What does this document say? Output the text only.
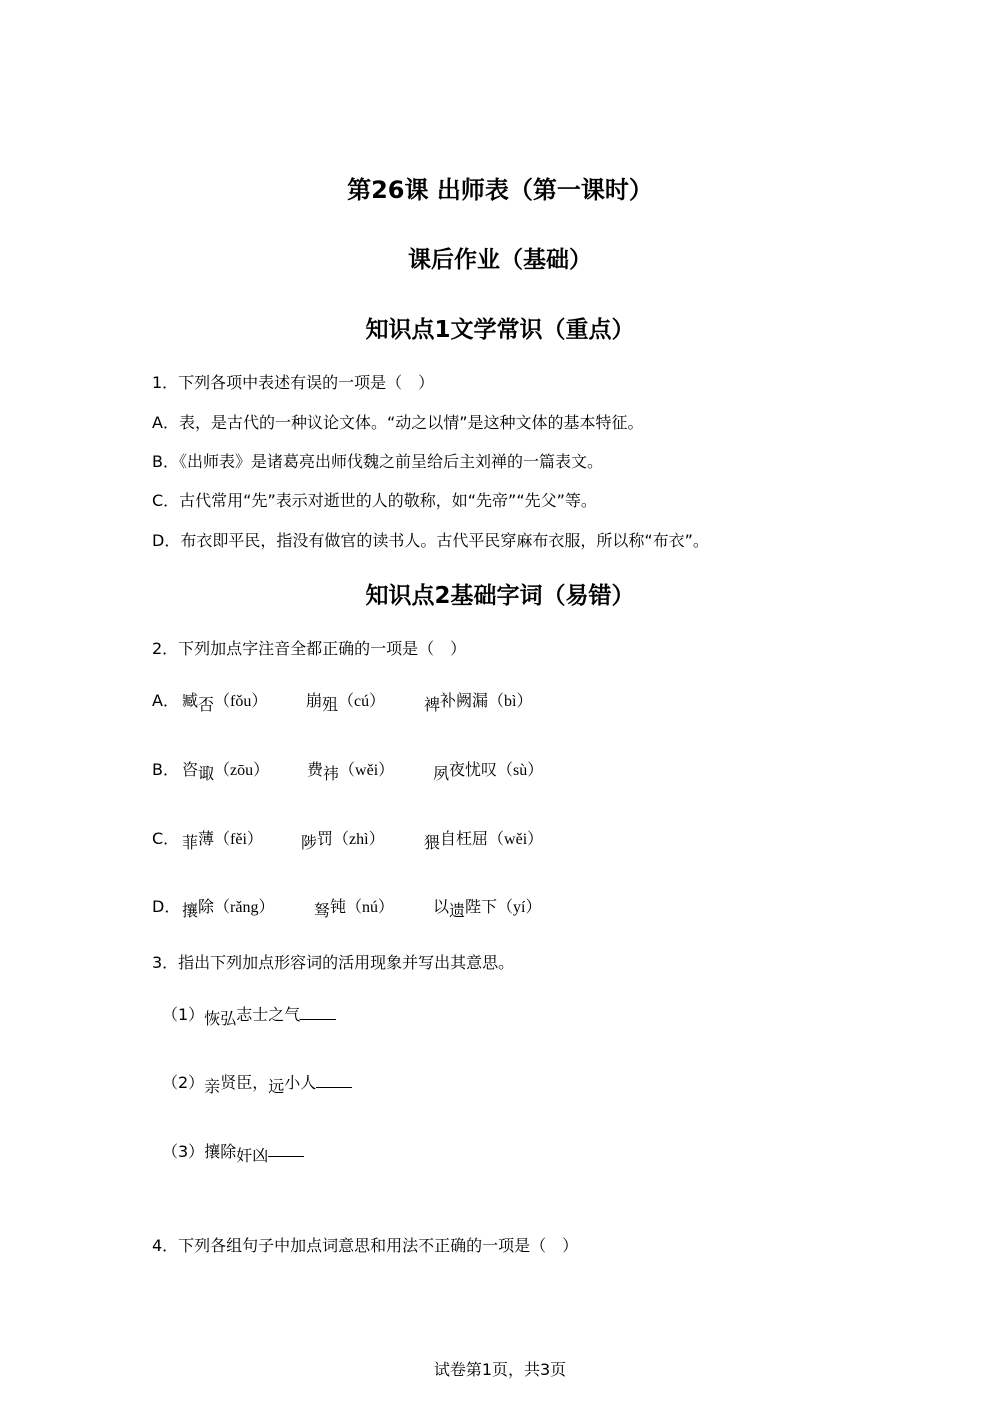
第26课 出师表（第一课时）
课后作业（基础）
知识点1文学常识（重点）
1．下列各项中表述有误的一项是（　）
A．表，是古代的一种议论文体。“动之以情”是这种文体的基本特征。
B．《出师表》是诸葛亮出师伐魏之前呈给后主刘禅的一篇表文。
C．古代常用“先”表示对逝世的人的敬称，如“先帝”“先父”等。
D．布衣即平民，指没有做官的读书人。古代平民穿麻布衣服，所以称“布衣”。
知识点2基础字词（易错）
2．下列加点字注音全都正确的一项是（　）
A． 臧否（fǒu） 崩殂（cú） 裨补阙漏（bì）
B． 咨诹（zōu） 费祎（wěi） 夙夜忧叹（sù）
C． 菲薄（fěi） 陟罚（zhì） 猥自枉屈（wěi）
D． 攘除（rǎng） 驽钝（nú） 以遗陛下（yí）
3．指出下列加点形容词的活用现象并写出其意思。
（1）恢弘志士之气
（2）亲贤臣，远小人
（3）攘除奸凶
4．下列各组句子中加点词意思和用法不正确的一项是（　）
试卷第1页，共3页
